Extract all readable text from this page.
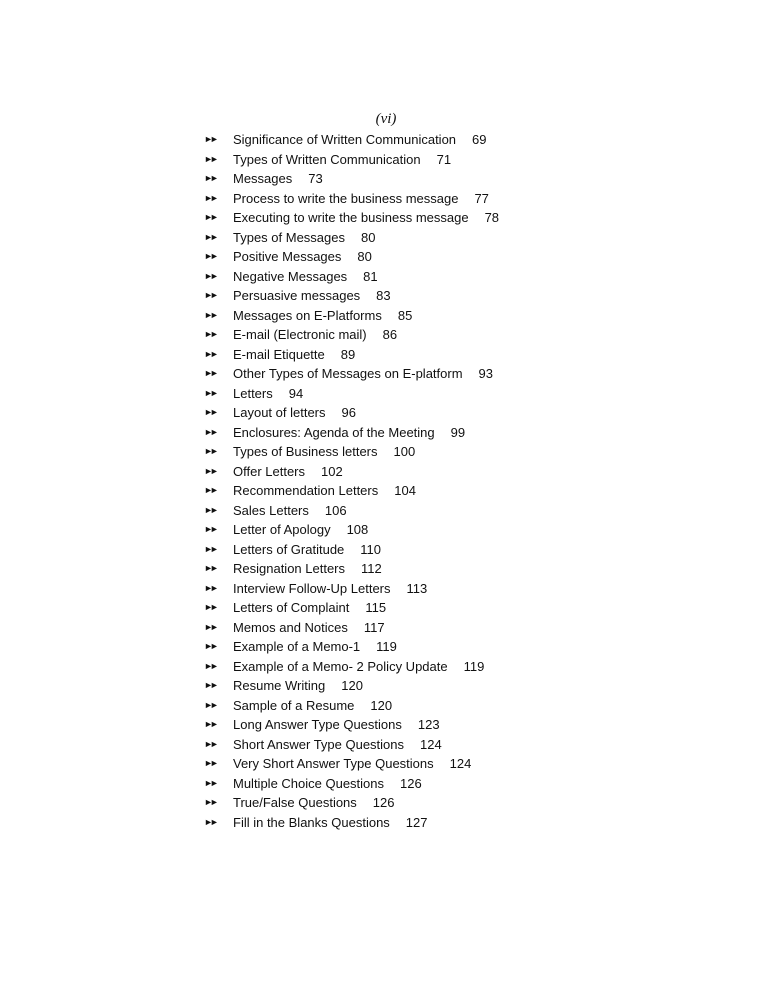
(vi)
►►	Significance of Written Communication 69
►►	Types of Written Communication 71
►►	Messages 73
►►	Process to write the business message 77
►►	Executing to write the business message 78
►►	Types of Messages 80
►►	Positive Messages 80
►►	Negative Messages 81
►►	Persuasive messages 83
►►	Messages on E-Platforms 85
►►	E-mail (Electronic mail) 86
►►	E-mail Etiquette 89
►►	Other Types of Messages on E-platform 93
►►	Letters 94
►►	Layout of letters 96
►►	Enclosures: Agenda of the Meeting 99
►►	Types of Business letters 100
►►	Offer Letters 102
►►	Recommendation Letters 104
►►	Sales Letters 106
►►	Letter of Apology 108
►►	Letters of Gratitude 110
►►	Resignation Letters 112
►►	Interview Follow-Up Letters 113
►►	Letters of Complaint 115
►►	Memos and Notices 117
►►	Example of a Memo-1 119
►►	Example of a Memo- 2 Policy Update 119
►►	Resume Writing 120
►►	Sample of a Resume 120
►►	Long Answer Type Questions 123
►►	Short Answer Type Questions 124
►►	Very Short Answer Type Questions 124
►►	Multiple Choice Questions 126
►►	True/False Questions 126
►►	Fill in the Blanks Questions 127
